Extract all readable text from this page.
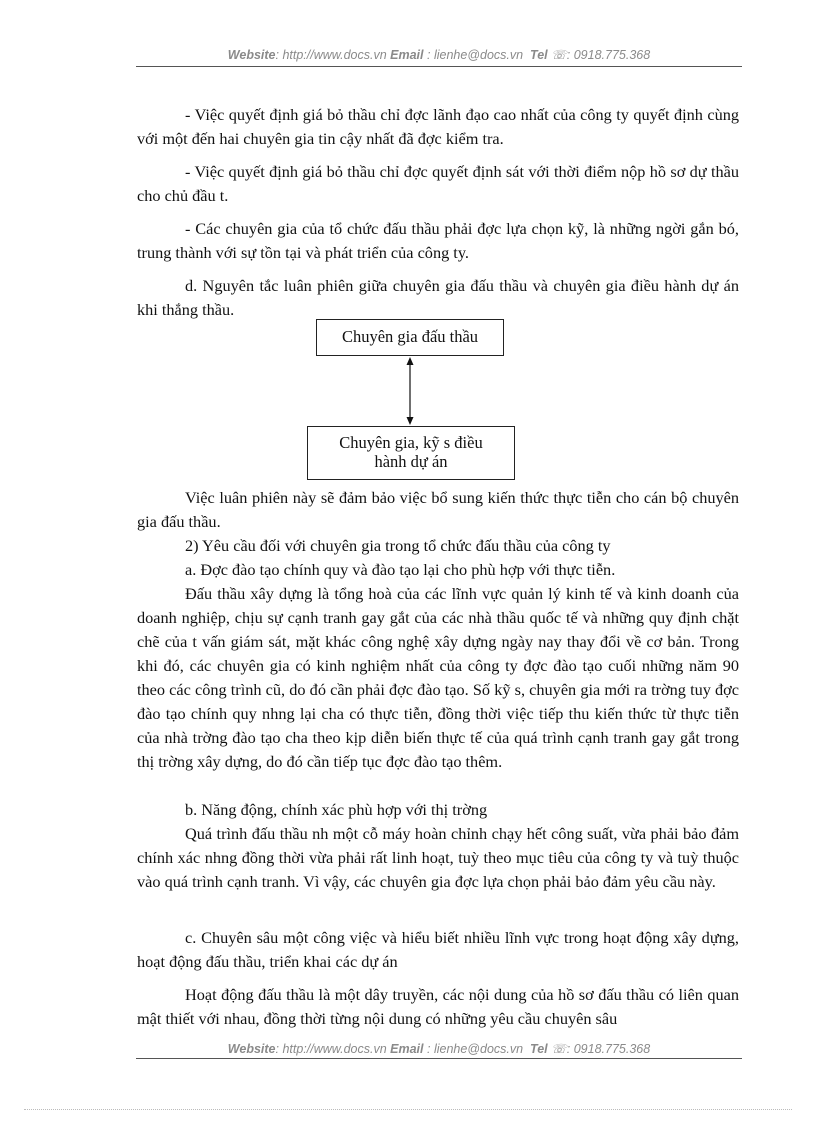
Website: http://www.docs.vn Email : lienhe@docs.vn Tel ☏: 0918.775.368
- Việc quyết định giá bỏ thầu chỉ đợc lãnh đạo cao nhất của công ty quyết định cùng với một đến hai chuyên gia tin cậy nhất đã đợc kiểm tra.
- Việc quyết định giá bỏ thầu chỉ đợc quyết định sát với thời điểm nộp hồ sơ dự thầu cho chủ đầu t.
- Các chuyên gia của tổ chức đấu thầu phải đợc lựa chọn kỹ, là những ngời gắn bó, trung thành với sự tồn tại và phát triển của công ty.
d. Nguyên tắc luân phiên giữa chuyên gia đấu thầu và chuyên gia điều hành dự án khi thắng thầu.
Chuyên gia đấu thầu
Chuyên gia, kỹ s điều
hành dự án
Việc luân phiên này sẽ đảm bảo việc bổ sung kiến thức thực tiễn cho cán bộ chuyên gia đấu thầu.
2) Yêu cầu đối với chuyên gia trong tổ chức đấu thầu của công ty
a. Đợc đào tạo chính quy và đào tạo lại cho phù hợp với thực tiễn.
Đấu thầu xây dựng là tổng hoà của các lĩnh vực quản lý kinh tế và kinh doanh của doanh nghiệp, chịu sự cạnh tranh gay gắt của các nhà thầu quốc tế và những quy định chặt chẽ của t vấn giám sát, mặt khác công nghệ xây dựng ngày nay thay đổi về cơ bản. Trong khi đó, các chuyên gia có kinh nghiệm nhất của công ty đợc đào tạo cuối những năm 90 theo các công trình cũ, do đó cần phải đợc đào tạo. Số kỹ s, chuyên gia mới ra trờng tuy đợc đào tạo chính quy nhng lại cha có thực tiễn, đồng thời việc tiếp thu kiến thức từ thực tiễn của nhà trờng đào tạo cha theo kịp diễn biến thực tế của quá trình cạnh tranh gay gắt trong thị trờng xây dựng, do đó cần tiếp tục đợc đào tạo thêm.
b. Năng động, chính xác phù hợp với thị trờng
Quá trình đấu thầu nh một cỗ máy hoàn chỉnh chạy hết công suất, vừa phải bảo đảm chính xác nhng đồng thời vừa phải rất linh hoạt, tuỳ theo mục tiêu của công ty và tuỳ thuộc vào quá trình cạnh tranh. Vì vậy, các chuyên gia đợc lựa chọn phải bảo đảm yêu cầu này.
c. Chuyên sâu một công việc và hiểu biết nhiều lĩnh vực trong hoạt động xây dựng, hoạt động đấu thầu, triển khai các dự án
Hoạt động đấu thầu là một dây truyền, các nội dung của hồ sơ đấu thầu có liên quan mật thiết với nhau, đồng thời từng nội dung có những yêu cầu chuyên sâu
Website: http://www.docs.vn Email : lienhe@docs.vn Tel ☏: 0918.775.368
